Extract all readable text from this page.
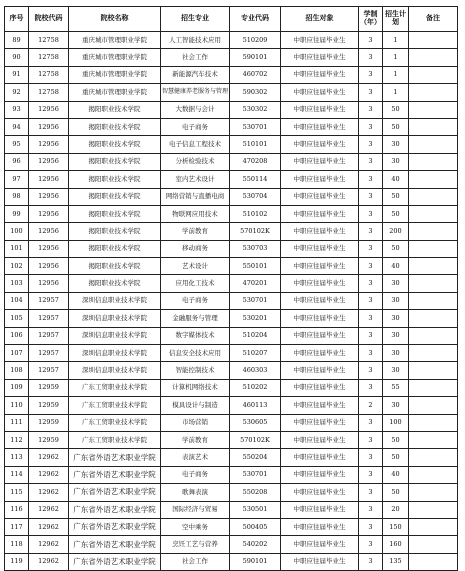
序号	院校代码	院校名称	招生专业	专业代码	招生对象	学制（年）	招生计划	备注
89	12758	重庆城市管理职业学院	人工智能技术应用	510209	中职应往届毕业生	3	1	
90	12758	重庆城市管理职业学院	社会工作	590101	中职应往届毕业生	3	1	
91	12758	重庆城市管理职业学院	新能源汽车技术	460702	中职应往届毕业生	3	1	
92	12758	重庆城市管理职业学院	智慧健康养老服务与管理	590302	中职应往届毕业生	3	1	
93	12956	揭阳职业技术学院	大数据与会计	530302	中职应往届毕业生	3	50	
94	12956	揭阳职业技术学院	电子商务	530701	中职应往届毕业生	3	50	
95	12956	揭阳职业技术学院	电子信息工程技术	510101	中职应往届毕业生	3	30	
96	12956	揭阳职业技术学院	分析检验技术	470208	中职应往届毕业生	3	30	
97	12956	揭阳职业技术学院	室内艺术设计	550114	中职应往届毕业生	3	40	
98	12956	揭阳职业技术学院	网络营销与直播电商	530704	中职应往届毕业生	3	50	
99	12956	揭阳职业技术学院	物联网应用技术	510102	中职应往届毕业生	3	50	
100	12956	揭阳职业技术学院	学前教育	570102K	中职应往届毕业生	3	200	
101	12956	揭阳职业技术学院	移动商务	530703	中职应往届毕业生	3	50	
102	12956	揭阳职业技术学院	艺术设计	550101	中职应往届毕业生	3	40	
103	12956	揭阳职业技术学院	应用化工技术	470201	中职应往届毕业生	3	30	
104	12957	深圳信息职业技术学院	电子商务	530701	中职应往届毕业生	3	30	
105	12957	深圳信息职业技术学院	金融服务与管理	530201	中职应往届毕业生	3	30	
106	12957	深圳信息职业技术学院	数字媒体技术	510204	中职应往届毕业生	3	30	
107	12957	深圳信息职业技术学院	信息安全技术应用	510207	中职应往届毕业生	3	30	
108	12957	深圳信息职业技术学院	智能控制技术	460303	中职应往届毕业生	3	30	
109	12959	广东工贸职业技术学院	计算机网络技术	510202	中职应往届毕业生	3	55	
110	12959	广东工贸职业技术学院	模具设计与制造	460113	中职应往届毕业生	2	30	
111	12959	广东工贸职业技术学院	市场营销	530605	中职应往届毕业生	3	100	
112	12959	广东工贸职业技术学院	学前教育	570102K	中职应往届毕业生	3	50	
113	12962	广东省外语艺术职业学院	表演艺术	550204	中职应往届毕业生	3	50	
114	12962	广东省外语艺术职业学院	电子商务	530701	中职应往届毕业生	3	40	
115	12962	广东省外语艺术职业学院	歌舞表演	550208	中职应往届毕业生	3	50	
116	12962	广东省外语艺术职业学院	国际经济与贸易	530501	中职应往届毕业生	3	20	
117	12962	广东省外语艺术职业学院	空中乘务	500405	中职应往届毕业生	3	150	
118	12962	广东省外语艺术职业学院	烹饪工艺与营养	540202	中职应往届毕业生	3	160	
119	12962	广东省外语艺术职业学院	社会工作	590101	中职应往届毕业生	3	135	
